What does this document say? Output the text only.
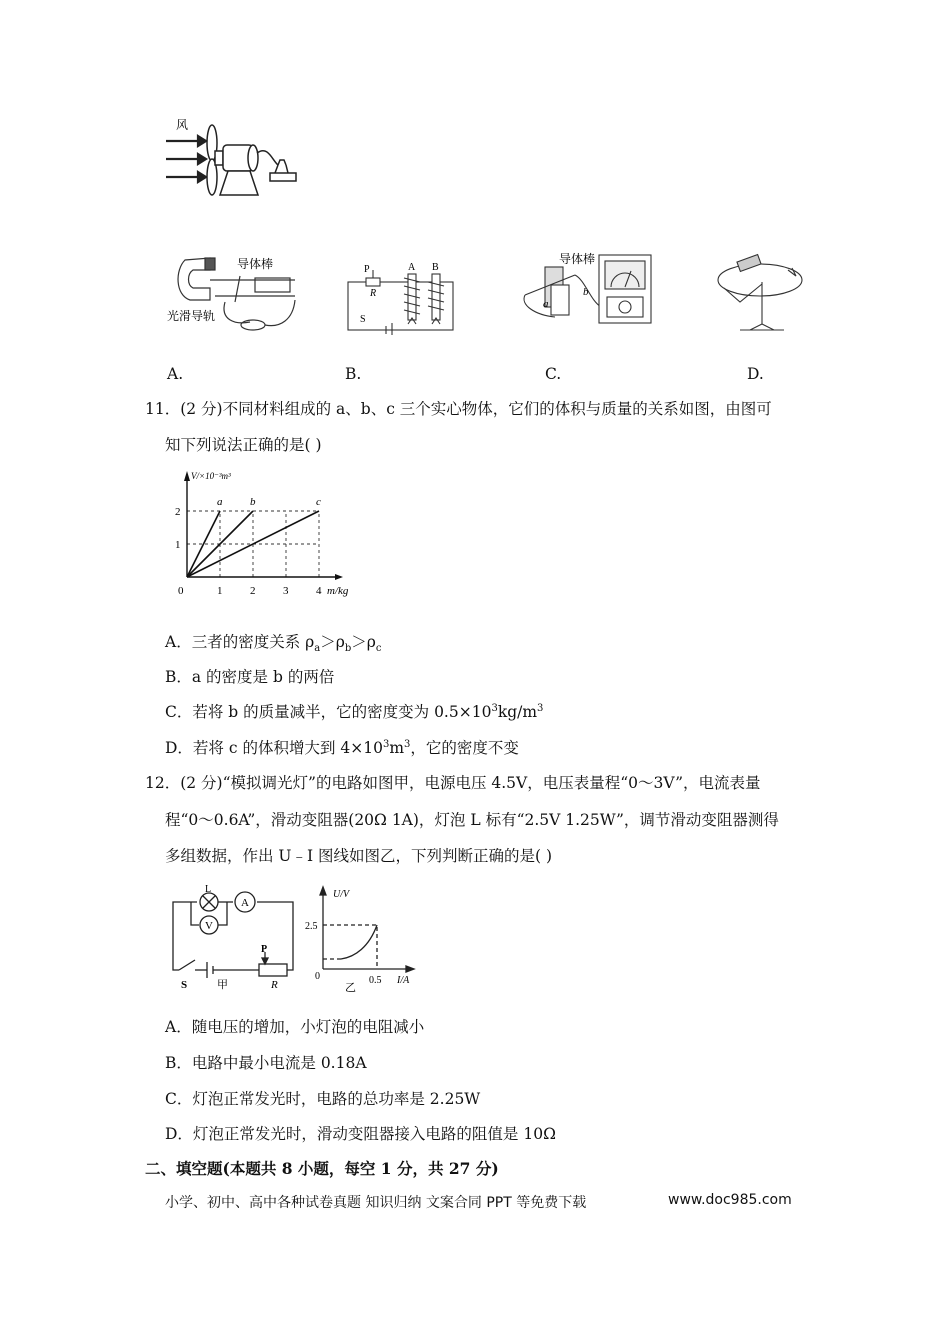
风
导体棒
光滑导轨
P
R
S
A B
导体棒
a
b
A.	B.	C.	D.
11．(2 分)不同材料组成的 a、b、c 三个实心物体，它们的体积与质量的关系如图，由图可
知下列说法正确的是( )
a	b	c
0	1	2	3	4
1
2
V/×10⁻³m³
m/kg
A．三者的密度关系 $\rho_a>\rho_b>\rho_c$
B．a 的密度是 b 的两倍
C．若将 b 的质量减半，它的密度变为 $0.5\times 10^3kg/m^3$
D．若将 c 的体积增大到 $4\times 10^3m^3$，它的密度不变
12．(2 分)“模拟调光灯”的电路如图甲，电源电压 4.5V，电压表量程“0～3V”，电流表量
程“0～0.6A”，滑动变阻器(20Ω 1A)，灯泡 L 标有“2.5V 1.25W”，调节滑动变阻器测得
多组数据，作出 U﹣I 图线如图乙，下列判断正确的是( )
L
A
V
P
S	甲	R
U/V
2.5
0	0.5 I/A
乙
A．随电压的增加，小灯泡的电阻减小
B．电路中最小电流是 0.18A
C．灯泡正常发光时，电路的总功率是 2.25W
D．灯泡正常发光时，滑动变阻器接入电路的阻值是 10Ω
二、填空题(本题共 8 小题，每空 1 分，共 27 分)
小学、初中、高中各种试卷真题 知识归纳 文案合同 PPT 等免费下载	www.doc985.com
